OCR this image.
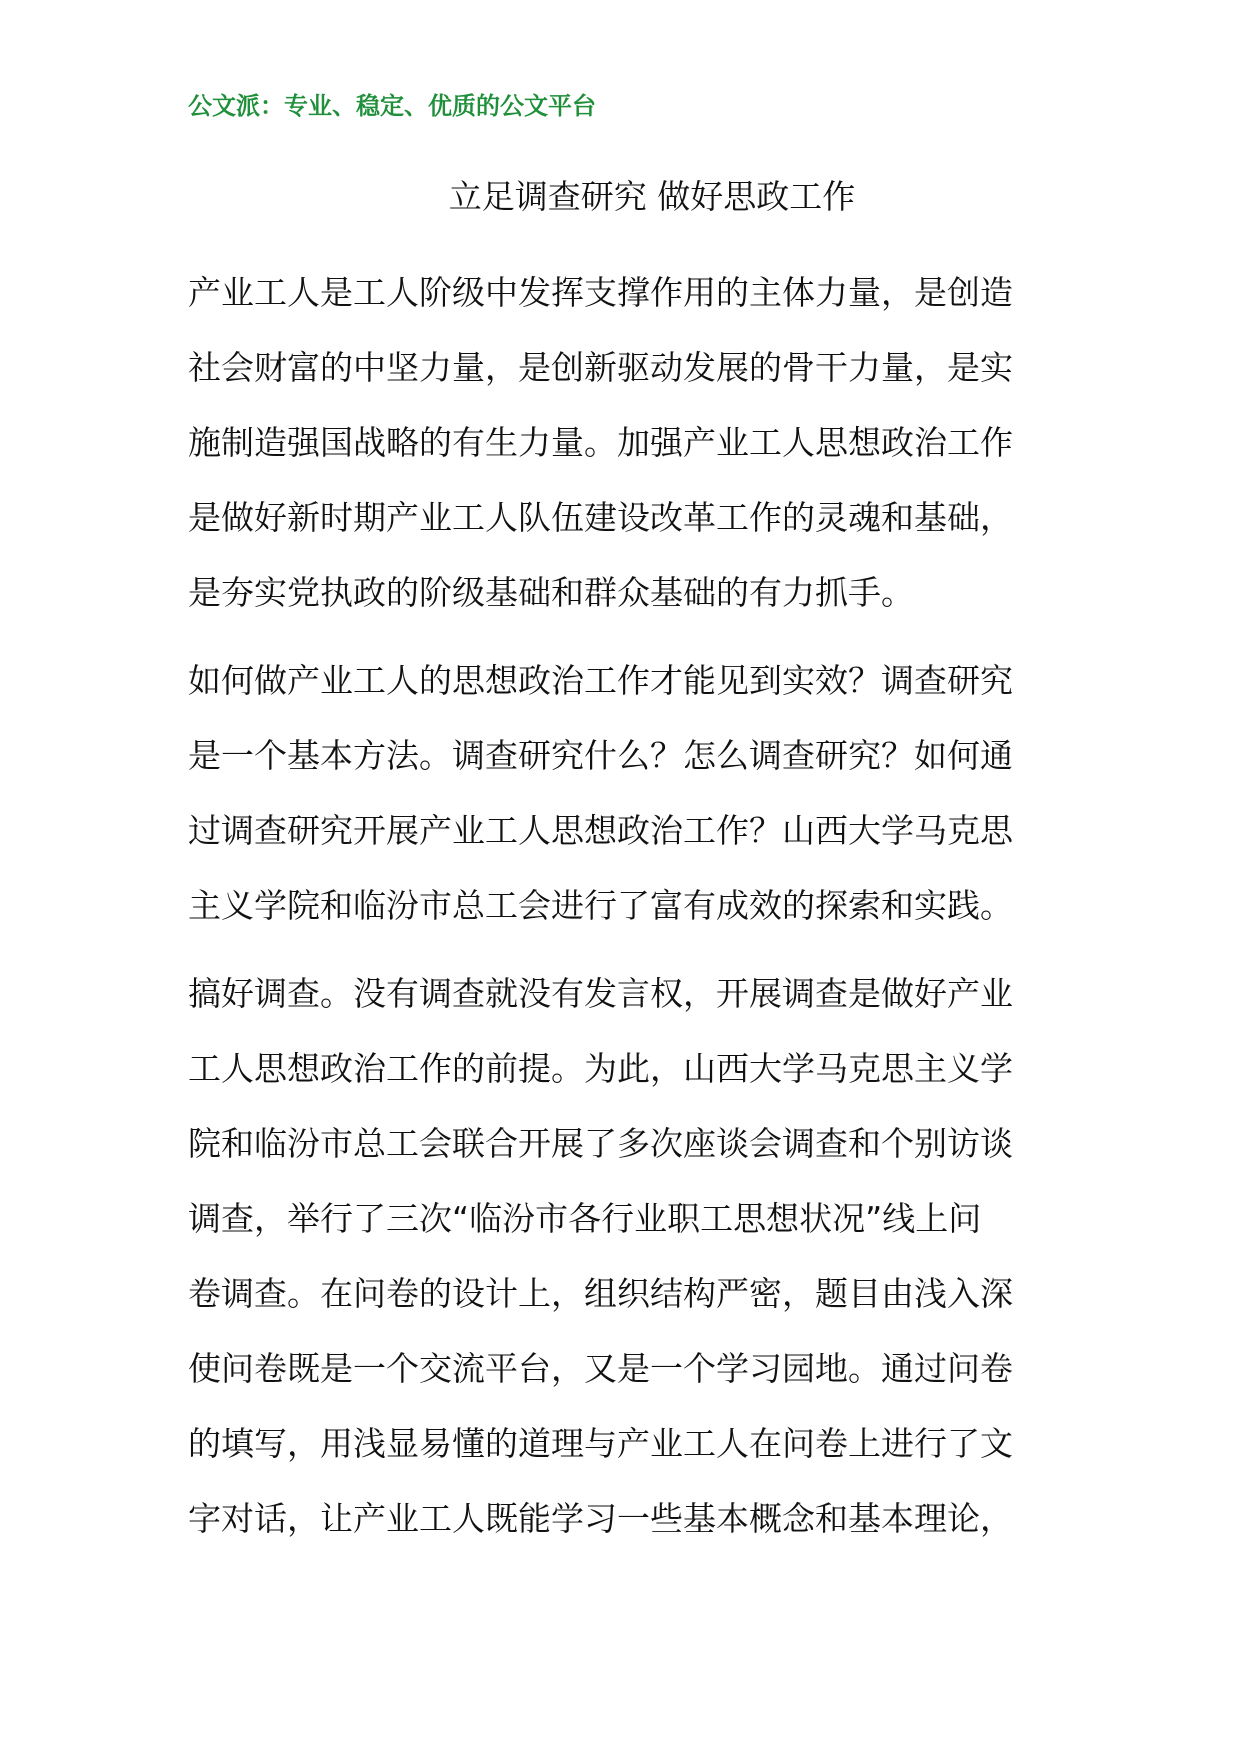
公文派：专业、稳定、优质的公文平台
立足调查研究 做好思政工作
产业工人是工人阶级中发挥支撑作用的主体力量，是创造
社会财富的中坚力量，是创新驱动发展的骨干力量，是实
施制造强国战略的有生力量。加强产业工人思想政治工作
是做好新时期产业工人队伍建设改革工作的灵魂和基础，
是夯实党执政的阶级基础和群众基础的有力抓手。
如何做产业工人的思想政治工作才能见到实效？调查研究
是一个基本方法。调查研究什么？怎么调查研究？如何通
过调查研究开展产业工人思想政治工作？山西大学马克思
主义学院和临汾市总工会进行了富有成效的探索和实践。
搞好调查。没有调查就没有发言权，开展调查是做好产业
工人思想政治工作的前提。为此，山西大学马克思主义学
院和临汾市总工会联合开展了多次座谈会调查和个别访谈
调查，举行了三次“临汾市各行业职工思想状况”线上问
卷调查。在问卷的设计上，组织结构严密，题目由浅入深
使问卷既是一个交流平台，又是一个学习园地。通过问卷
的填写，用浅显易懂的道理与产业工人在问卷上进行了文
字对话，让产业工人既能学习一些基本概念和基本理论，
